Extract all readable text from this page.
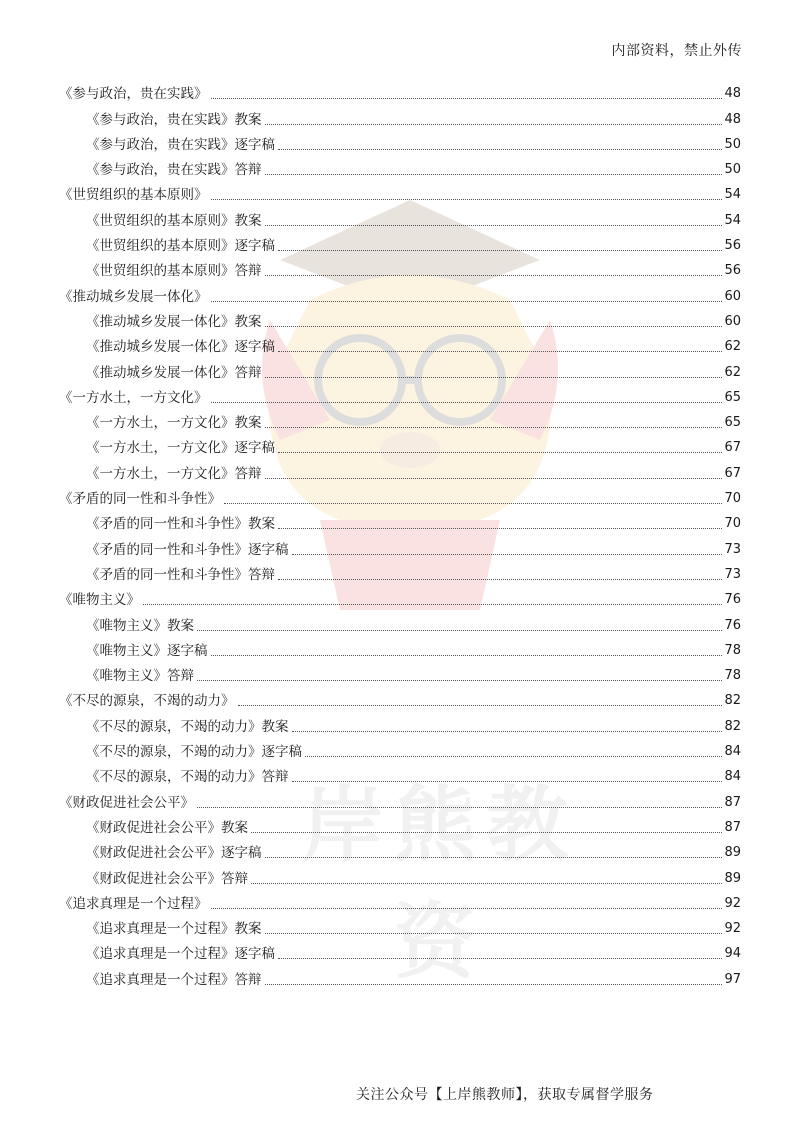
内部资料，禁止外传
岸熊教资
《参与政治，贵在实践》	48
《参与政治，贵在实践》教案	48
《参与政治，贵在实践》逐字稿	50
《参与政治，贵在实践》答辩	50
《世贸组织的基本原则》	54
《世贸组织的基本原则》教案	54
《世贸组织的基本原则》逐字稿	56
《世贸组织的基本原则》答辩	56
《推动城乡发展一体化》	60
《推动城乡发展一体化》教案	60
《推动城乡发展一体化》逐字稿	62
《推动城乡发展一体化》答辩	62
《一方水土，一方文化》	65
《一方水土，一方文化》教案	65
《一方水土，一方文化》逐字稿	67
《一方水土，一方文化》答辩	67
《矛盾的同一性和斗争性》	70
《矛盾的同一性和斗争性》教案	70
《矛盾的同一性和斗争性》逐字稿	73
《矛盾的同一性和斗争性》答辩	73
《唯物主义》	76
《唯物主义》教案	76
《唯物主义》逐字稿	78
《唯物主义》答辩	78
《不尽的源泉，不竭的动力》	82
《不尽的源泉，不竭的动力》教案	82
《不尽的源泉，不竭的动力》逐字稿	84
《不尽的源泉，不竭的动力》答辩	84
《财政促进社会公平》	87
《财政促进社会公平》教案	87
《财政促进社会公平》逐字稿	89
《财政促进社会公平》答辩	89
《追求真理是一个过程》	92
《追求真理是一个过程》教案	92
《追求真理是一个过程》逐字稿	94
《追求真理是一个过程》答辩	97
关注公众号【上岸熊教师】，获取专属督学服务
